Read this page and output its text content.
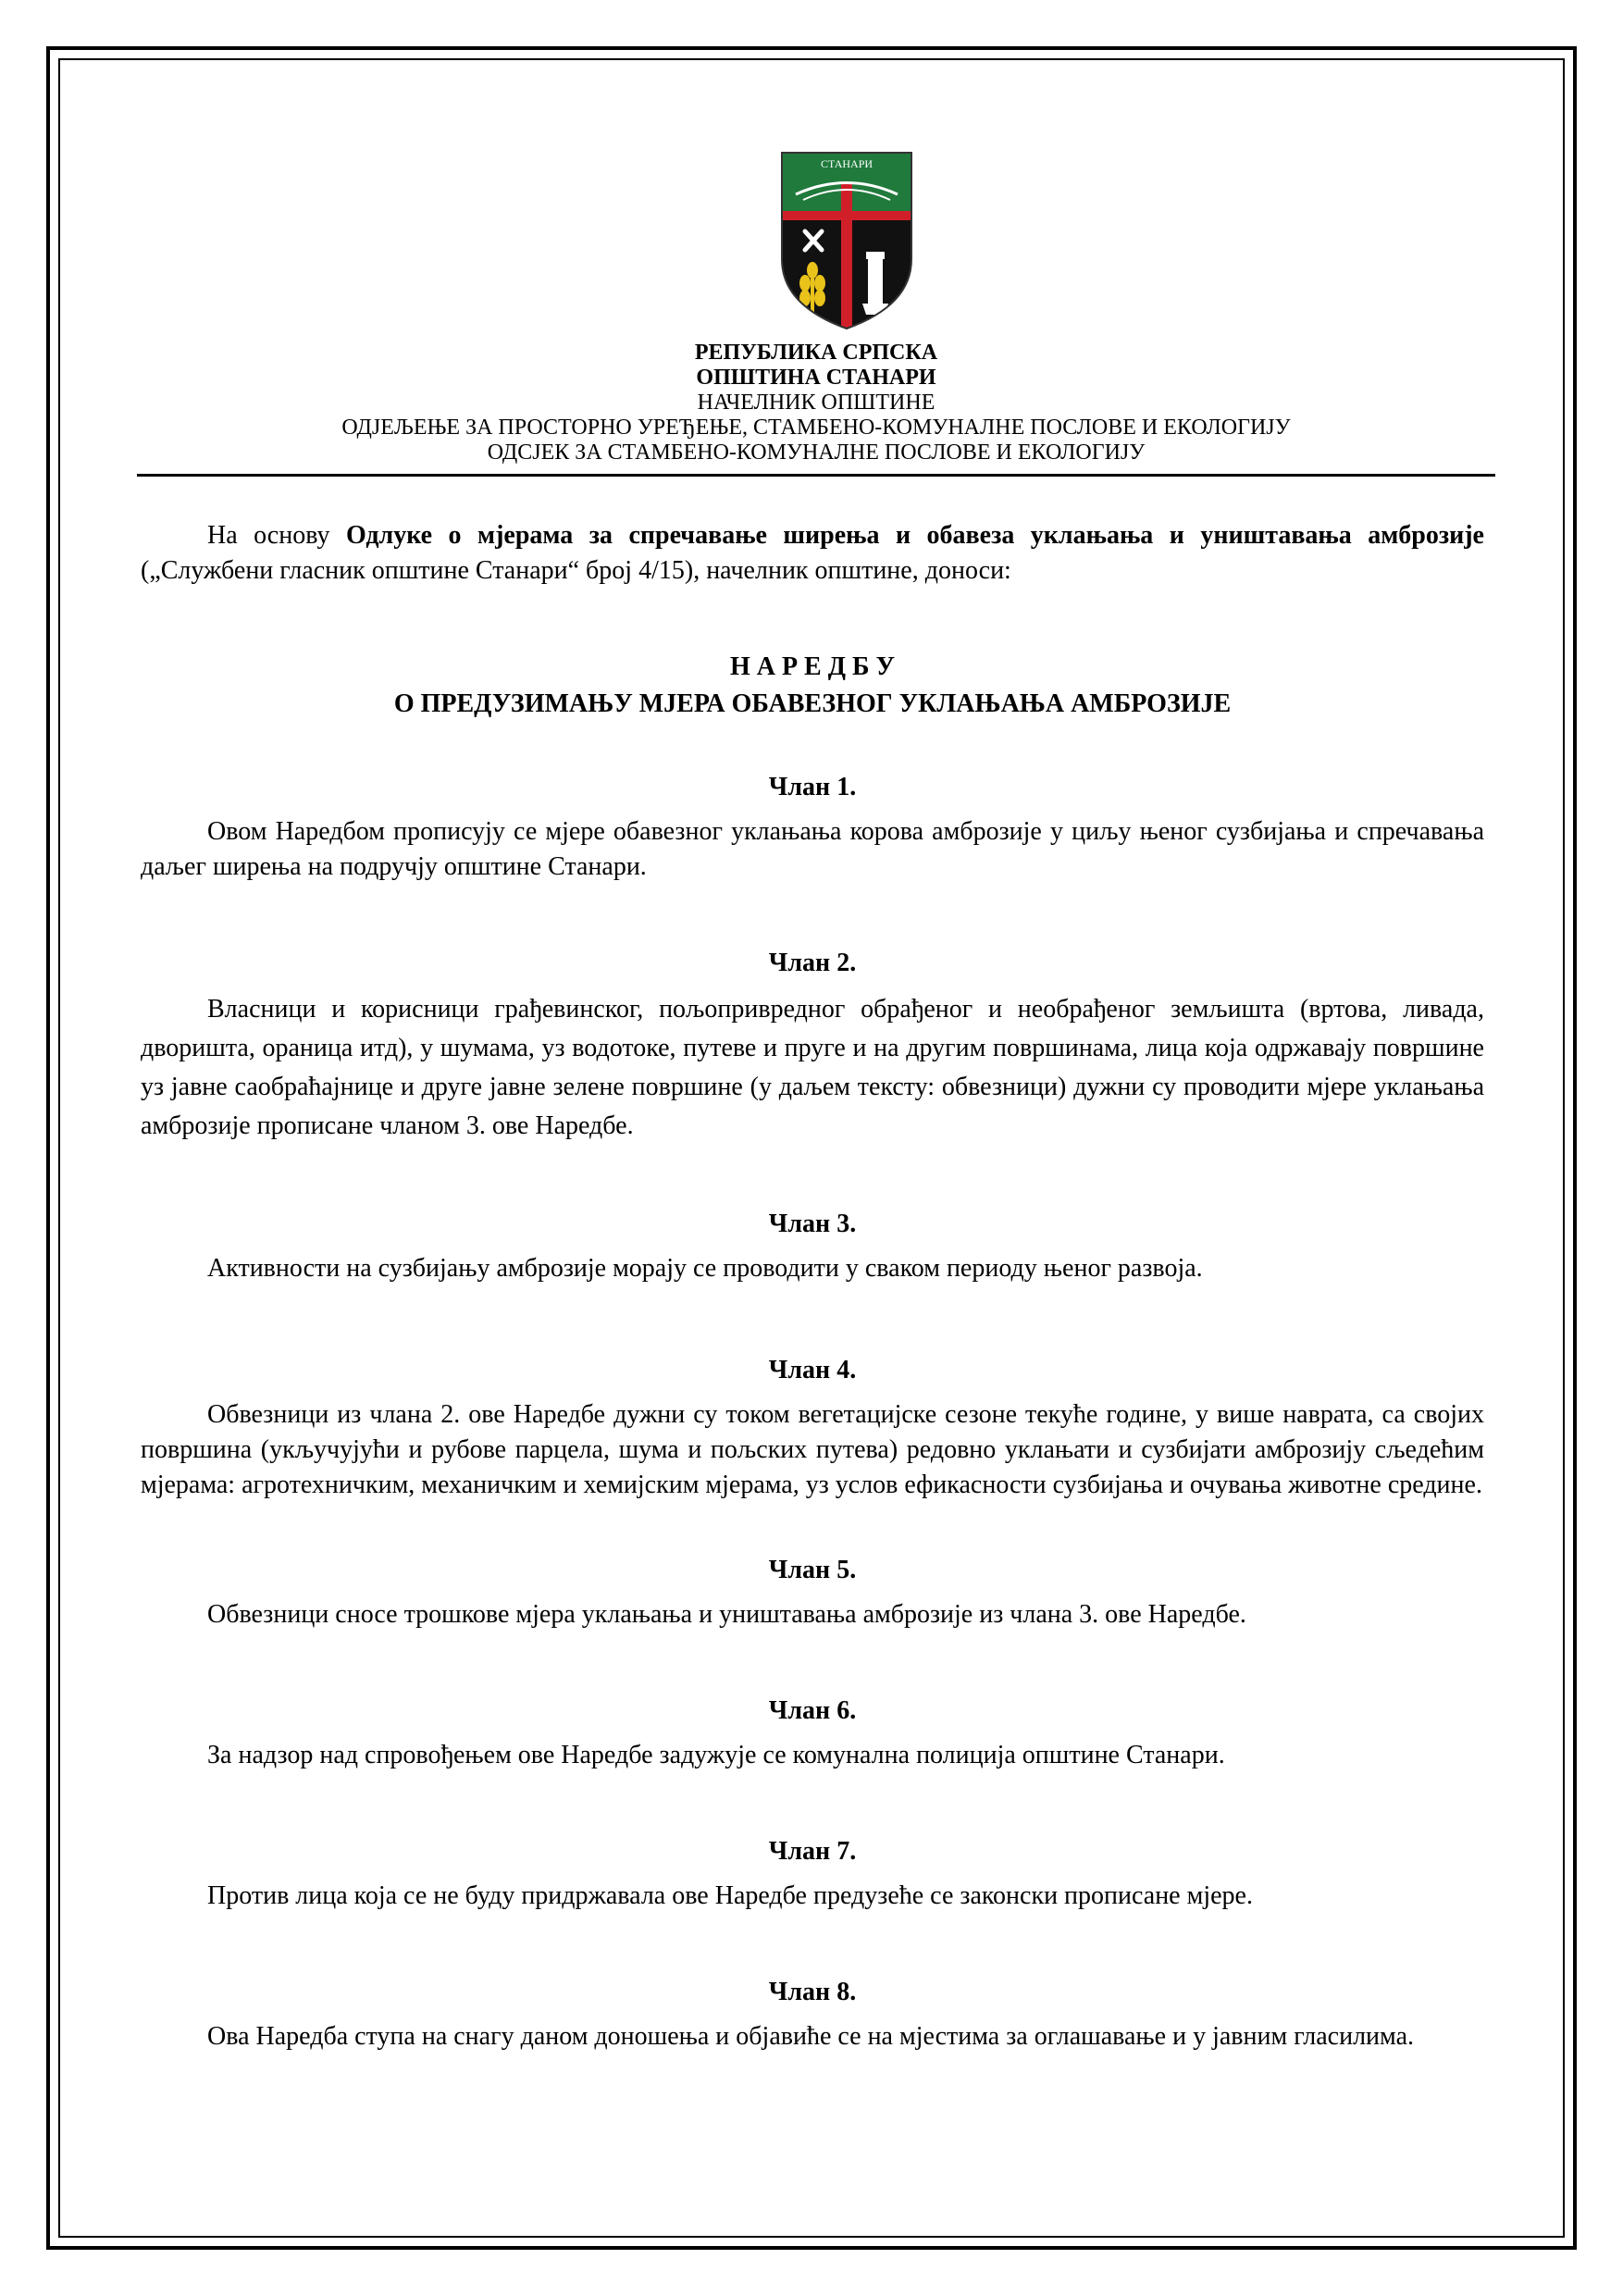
СТАНАРИ
РЕПУБЛИКА СРПСКА
ОПШТИНА СТАНАРИ
НАЧЕЛНИК ОПШТИНЕ
ОДЈЕЉЕЊЕ ЗА ПРОСТОРНО УРЕЂЕЊЕ, СТАМБЕНО-КОМУНАЛНЕ ПОСЛОВЕ И ЕКОЛОГИЈУ
ОДСЈЕК ЗА СТАМБЕНО-КОМУНАЛНЕ ПОСЛОВЕ И ЕКОЛОГИЈУ
На основу Одлуке о мјерама за спречавање ширења и обавеза уклањања и уништавања амброзије („Службени гласник општине Станари“ број 4/15), начелник општине, доноси:
Н А Р Е Д Б У
О ПРЕДУЗИМАЊУ МЈЕРА ОБАВЕЗНОГ УКЛАЊАЊА АМБРОЗИЈЕ
Члан 1.
Овом Наредбом прописују се мјере обавезног уклањања корова амброзије у циљу њеног сузбијања и спречавања даљег ширења на подручју општине Станари.
Члан 2.
Власници и корисници грађевинског, пољопривредног обрађеног и необрађеног земљишта (вртова, ливада, дворишта, ораница итд), у шумама, уз водотоке, путеве и пруге и на другим површинама, лица која одржавају површине уз јавне саобраћајнице и друге јавне зелене површине (у даљем тексту: обвезници) дужни су проводити мјере уклањања амброзије прописане чланом 3. ове Наредбе.
Члан 3.
Активности на сузбијању амброзије морају се проводити у сваком периоду њеног развоја.
Члан 4.
Обвезници из члана 2. ове Наредбе дужни су током вегетацијске сезоне текуће године, у више наврата, са својих површина (укључујући и рубове парцела, шума и пољских путева) редовно уклањати и сузбијати амброзију сљедећим мјерама: агротехничким, механичким и хемијским мјерама, уз услов ефикасности сузбијања и очувања животне средине.
Члан 5.
Обвезници сносе трошкове мјера уклањања и уништавања амброзије из члана 3. ове Наредбе.
Члан 6.
За надзор над спровођењем ове Наредбе задужује се комунална полиција општине Станари.
Члан 7.
Против лица која се не буду придржавала ове Наредбе предузеће се законски прописане мјере.
Члан 8.
Ова Наредба ступа на снагу даном доношења и објавиће се на мјестима за оглашавање и у јавним гласилима.
